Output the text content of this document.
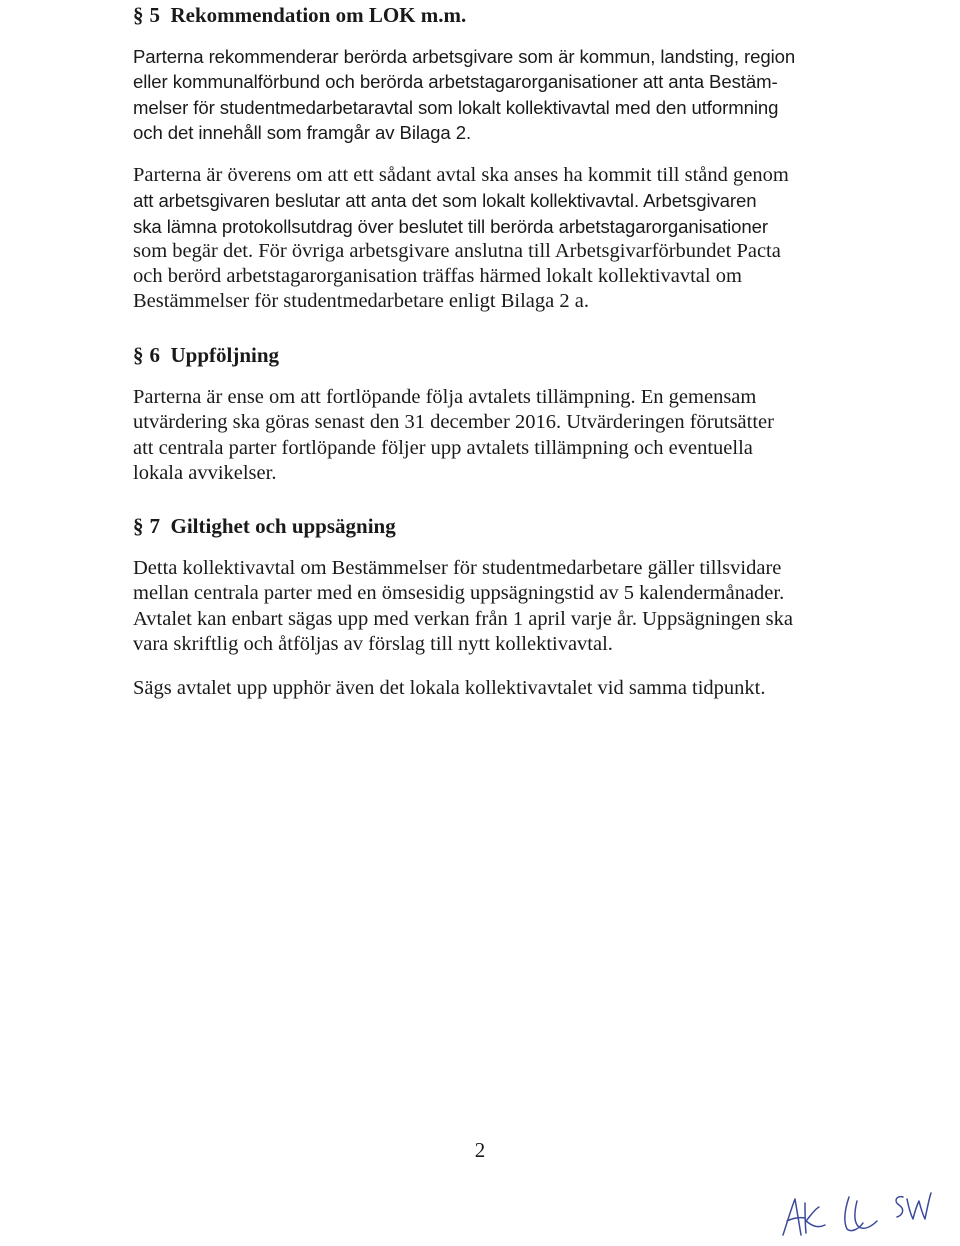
§ 5 Rekommendation om LOK m.m.
Parterna rekommenderar berörda arbetsgivare som är kommun, landsting, region
eller kommunalförbund och berörda arbetstagarorganisationer att anta Bestäm-
melser för studentmedarbetaravtal som lokalt kollektivavtal med den utformning
och det innehåll som framgår av Bilaga 2.
Parterna är överens om att ett sådant avtal ska anses ha kommit till stånd genom
att arbetsgivaren beslutar att anta det som lokalt kollektivavtal. Arbetsgivaren
ska lämna protokollsutdrag över beslutet till berörda arbetstagarorganisationer
som begär det. För övriga arbetsgivare anslutna till Arbetsgivarförbundet Pacta
och berörd arbetstagarorganisation träffas härmed lokalt kollektivavtal om
Bestämmelser för studentmedarbetare enligt Bilaga 2 a.
§ 6 Uppföljning
Parterna är ense om att fortlöpande följa avtalets tillämpning. En gemensam
utvärdering ska göras senast den 31 december 2016. Utvärderingen förutsätter
att centrala parter fortlöpande följer upp avtalets tillämpning och eventuella
lokala avvikelser.
§ 7 Giltighet och uppsägning
Detta kollektivavtal om Bestämmelser för studentmedarbetare gäller tillsvidare
mellan centrala parter med en ömsesidig uppsägningstid av 5 kalendermånader.
Avtalet kan enbart sägas upp med verkan från 1 april varje år. Uppsägningen ska
vara skriftlig och åtföljas av förslag till nytt kollektivavtal.
Sägs avtalet upp upphör även det lokala kollektivavtalet vid samma tidpunkt.
2
